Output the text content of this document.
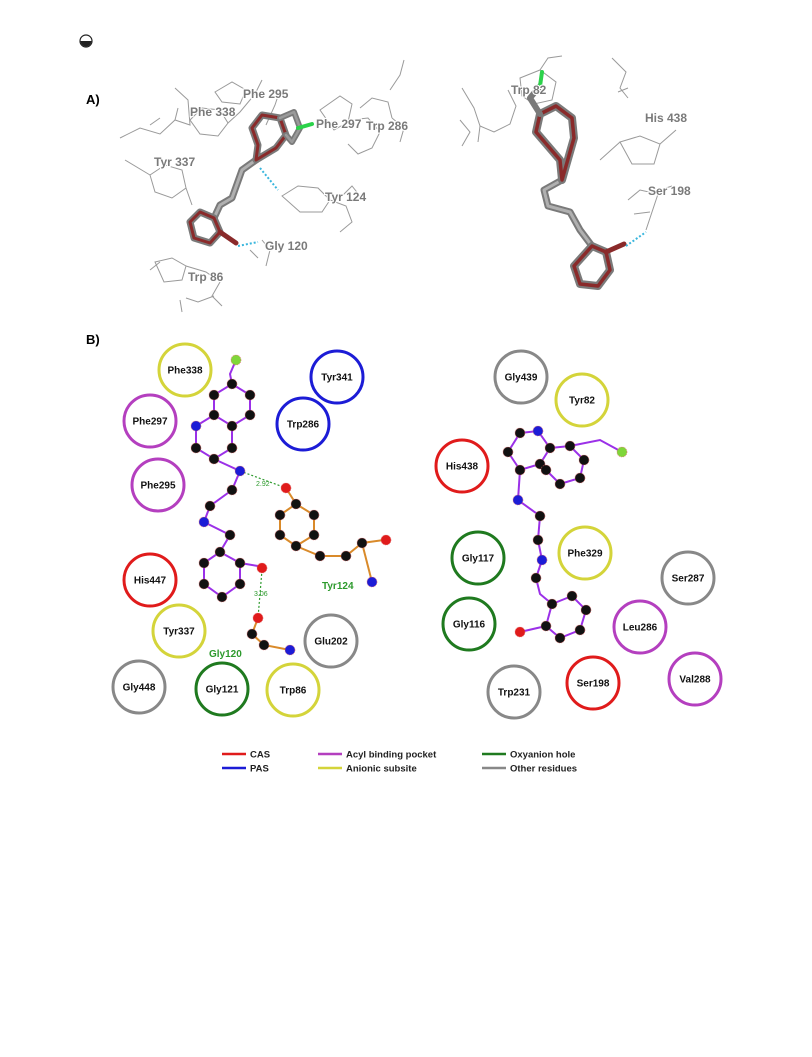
A)
B)
Phe 338
Phe 295
Phe 297 Trp 286
Tyr 337
Tyr 124
Gly 120
Trp 86
Trp 82
His 438
Ser 198
2.92
3.06
Tyr124
Gly120
Phe338
Tyr341
Phe297	Trp286
Phe295
His447
Tyr337
Glu202
Gly448	Gly121	Trp86
Gly439
Tyr82
His438
Gly117	Phe329
Ser287
Gly116	Leu286
Val288
Trp231
Ser198
CAS
PAS
Acyl binding pocket
Anionic subsite
Oxyanion hole
Other residues
